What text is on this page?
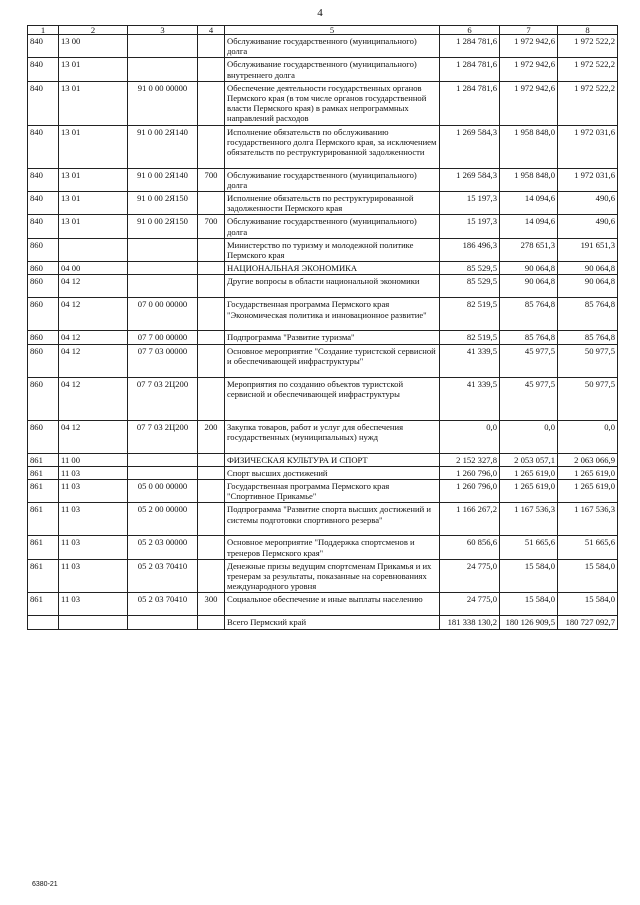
4
1	2	3	4	5	6	7	8
840	13 00			Обслуживание государственного (муниципального) долга	1 284 781,6	1 972 942,6	1 972 522,2
840	13 01			Обслуживание государственного (муниципального) внутреннего долга	1 284 781,6	1 972 942,6	1 972 522,2
840	13 01	91 0 00 00000		Обеспечение деятельности государственных органов Пермского края (в том числе органов государственной власти Пермского края) в рамках непрограммных направлений расходов	1 284 781,6	1 972 942,6	1 972 522,2
840	13 01	91 0 00 2Я140		Исполнение обязательств по обслуживанию государственного долга Пермского края, за исключением обязательств по реструктурированной задолженности	1 269 584,3	1 958 848,0	1 972 031,6
840	13 01	91 0 00 2Я140	700	Обслуживание государственного (муниципального) долга	1 269 584,3	1 958 848,0	1 972 031,6
840	13 01	91 0 00 2Я150		Исполнение обязательств по реструктурированной задолженности Пермского края	15 197,3	14 094,6	490,6
840	13 01	91 0 00 2Я150	700	Обслуживание государственного (муниципального) долга	15 197,3	14 094,6	490,6
860				Министерство по туризму и молодежной политике Пермского края	186 496,3	278 651,3	191 651,3
860	04 00			НАЦИОНАЛЬНАЯ ЭКОНОМИКА	85 529,5	90 064,8	90 064,8
860	04 12			Другие вопросы в области национальной экономики	85 529,5	90 064,8	90 064,8
860	04 12	07 0 00 00000		Государственная программа Пермского края "Экономическая политика и инновационное развитие"	82 519,5	85 764,8	85 764,8
860	04 12	07 7 00 00000		Подпрограмма "Развитие туризма"	82 519,5	85 764,8	85 764,8
860	04 12	07 7 03 00000		Основное мероприятие "Создание туристской сервисной и обеспечивающей инфраструктуры"	41 339,5	45 977,5	50 977,5
860	04 12	07 7 03 2Ц200		Мероприятия по созданию объектов туристской сервисной и обеспечивающей инфраструктуры	41 339,5	45 977,5	50 977,5
860	04 12	07 7 03 2Ц200	200	Закупка товаров, работ и услуг для обеспечения государственных (муниципальных) нужд	0,0	0,0	0,0
861	11 00			ФИЗИЧЕСКАЯ КУЛЬТУРА И СПОРТ	2 152 327,8	2 053 057,1	2 063 066,9
861	11 03			Спорт высших достижений	1 260 796,0	1 265 619,0	1 265 619,0
861	11 03	05 0 00 00000		Государственная программа Пермского края "Спортивное Прикамье"	1 260 796,0	1 265 619,0	1 265 619,0
861	11 03	05 2 00 00000		Подпрограмма "Развитие спорта высших достижений и системы подготовки спортивного резерва"	1 166 267,2	1 167 536,3	1 167 536,3
861	11 03	05 2 03 00000		Основное мероприятие "Поддержка спортсменов и тренеров Пермского края"	60 856,6	51 665,6	51 665,6
861	11 03	05 2 03 70410		Денежные призы ведущим спортсменам Прикамья и их тренерам за результаты, показанные на соревнованиях международного уровня	24 775,0	15 584,0	15 584,0
861	11 03	05 2 03 70410	300	Социальное обеспечение и иные выплаты населению	24 775,0	15 584,0	15 584,0
				Всего Пермский край	181 338 130,2	180 126 909,5	180 727 092,7
6380-21
